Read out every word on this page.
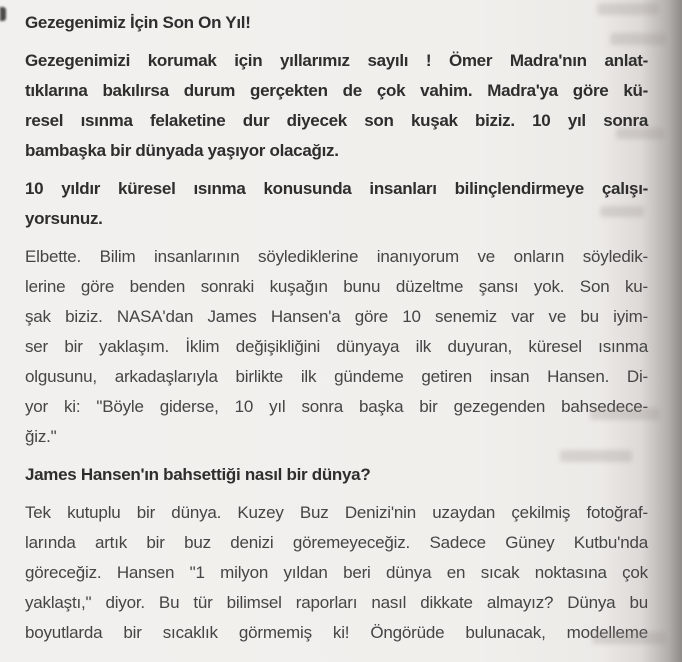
Gezegenimiz İçin Son On Yıl!
Gezegenimizi korumak için yıllarımız sayılı ! Ömer Madra'nın anlat-
tıklarına bakılırsa durum gerçekten de çok vahim. Madra'ya göre kü-
resel ısınma felaketine dur diyecek son kuşak biziz. 10 yıl sonra
bambaşka bir dünyada yaşıyor olacağız.
10 yıldır küresel ısınma konusunda insanları bilinçlendirmeye çalışı-
yorsunuz.
Elbette. Bilim insanlarının söylediklerine inanıyorum ve onların söyledik-
lerine göre benden sonraki kuşağın bunu düzeltme şansı yok. Son ku-
şak biziz. NASA'dan James Hansen'a göre 10 senemiz var ve bu iyim-
ser bir yaklaşım. İklim değişikliğini dünyaya ilk duyuran, küresel ısınma
olgusunu, arkadaşlarıyla birlikte ilk gündeme getiren insan Hansen. Di-
yor ki: "Böyle giderse, 10 yıl sonra başka bir gezegenden bahsedece-
ğiz."
James Hansen'ın bahsettiği nasıl bir dünya?
Tek kutuplu bir dünya. Kuzey Buz Denizi'nin uzaydan çekilmiş fotoğraf-
larında artık bir buz denizi göremeyeceğiz. Sadece Güney Kutbu'nda
göreceğiz. Hansen "1 milyon yıldan beri dünya en sıcak noktasına çok
yaklaştı," diyor. Bu tür bilimsel raporları nasıl dikkate almayız? Dünya bu
boyutlarda bir sıcaklık görmemiş ki! Öngörüde bulunacak, modelleme
